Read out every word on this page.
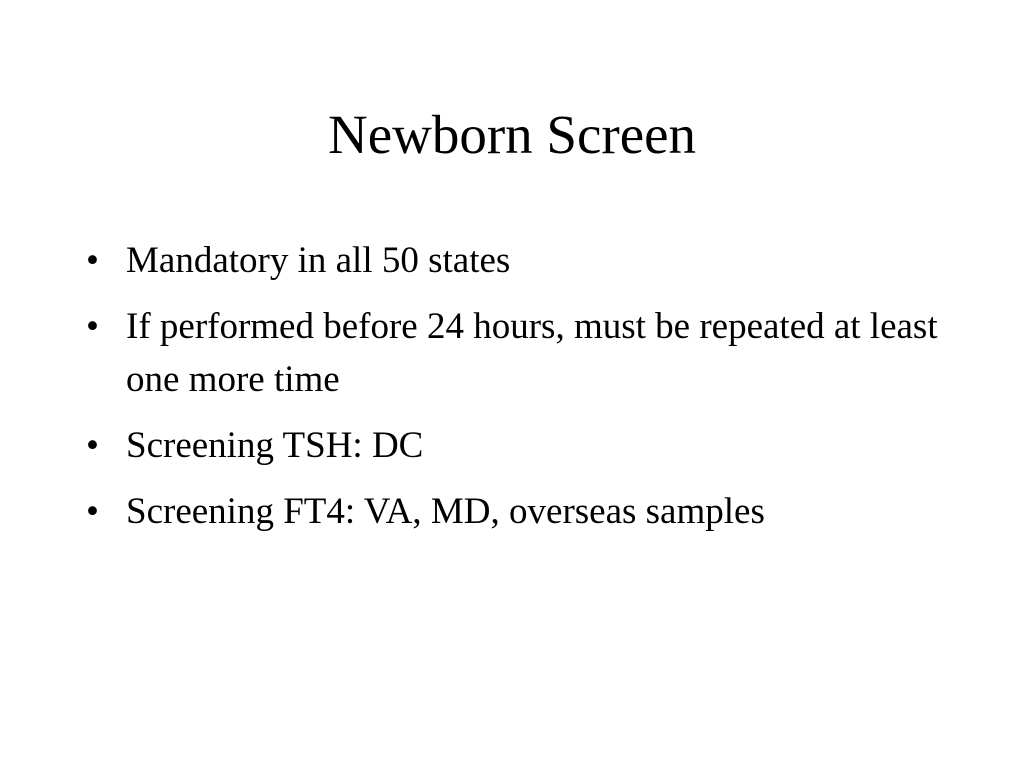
Newborn Screen
• Mandatory in all 50 states
• If performed before 24 hours, must be repeated at least one more time
• Screening TSH: DC
• Screening FT4: VA, MD, overseas samples
